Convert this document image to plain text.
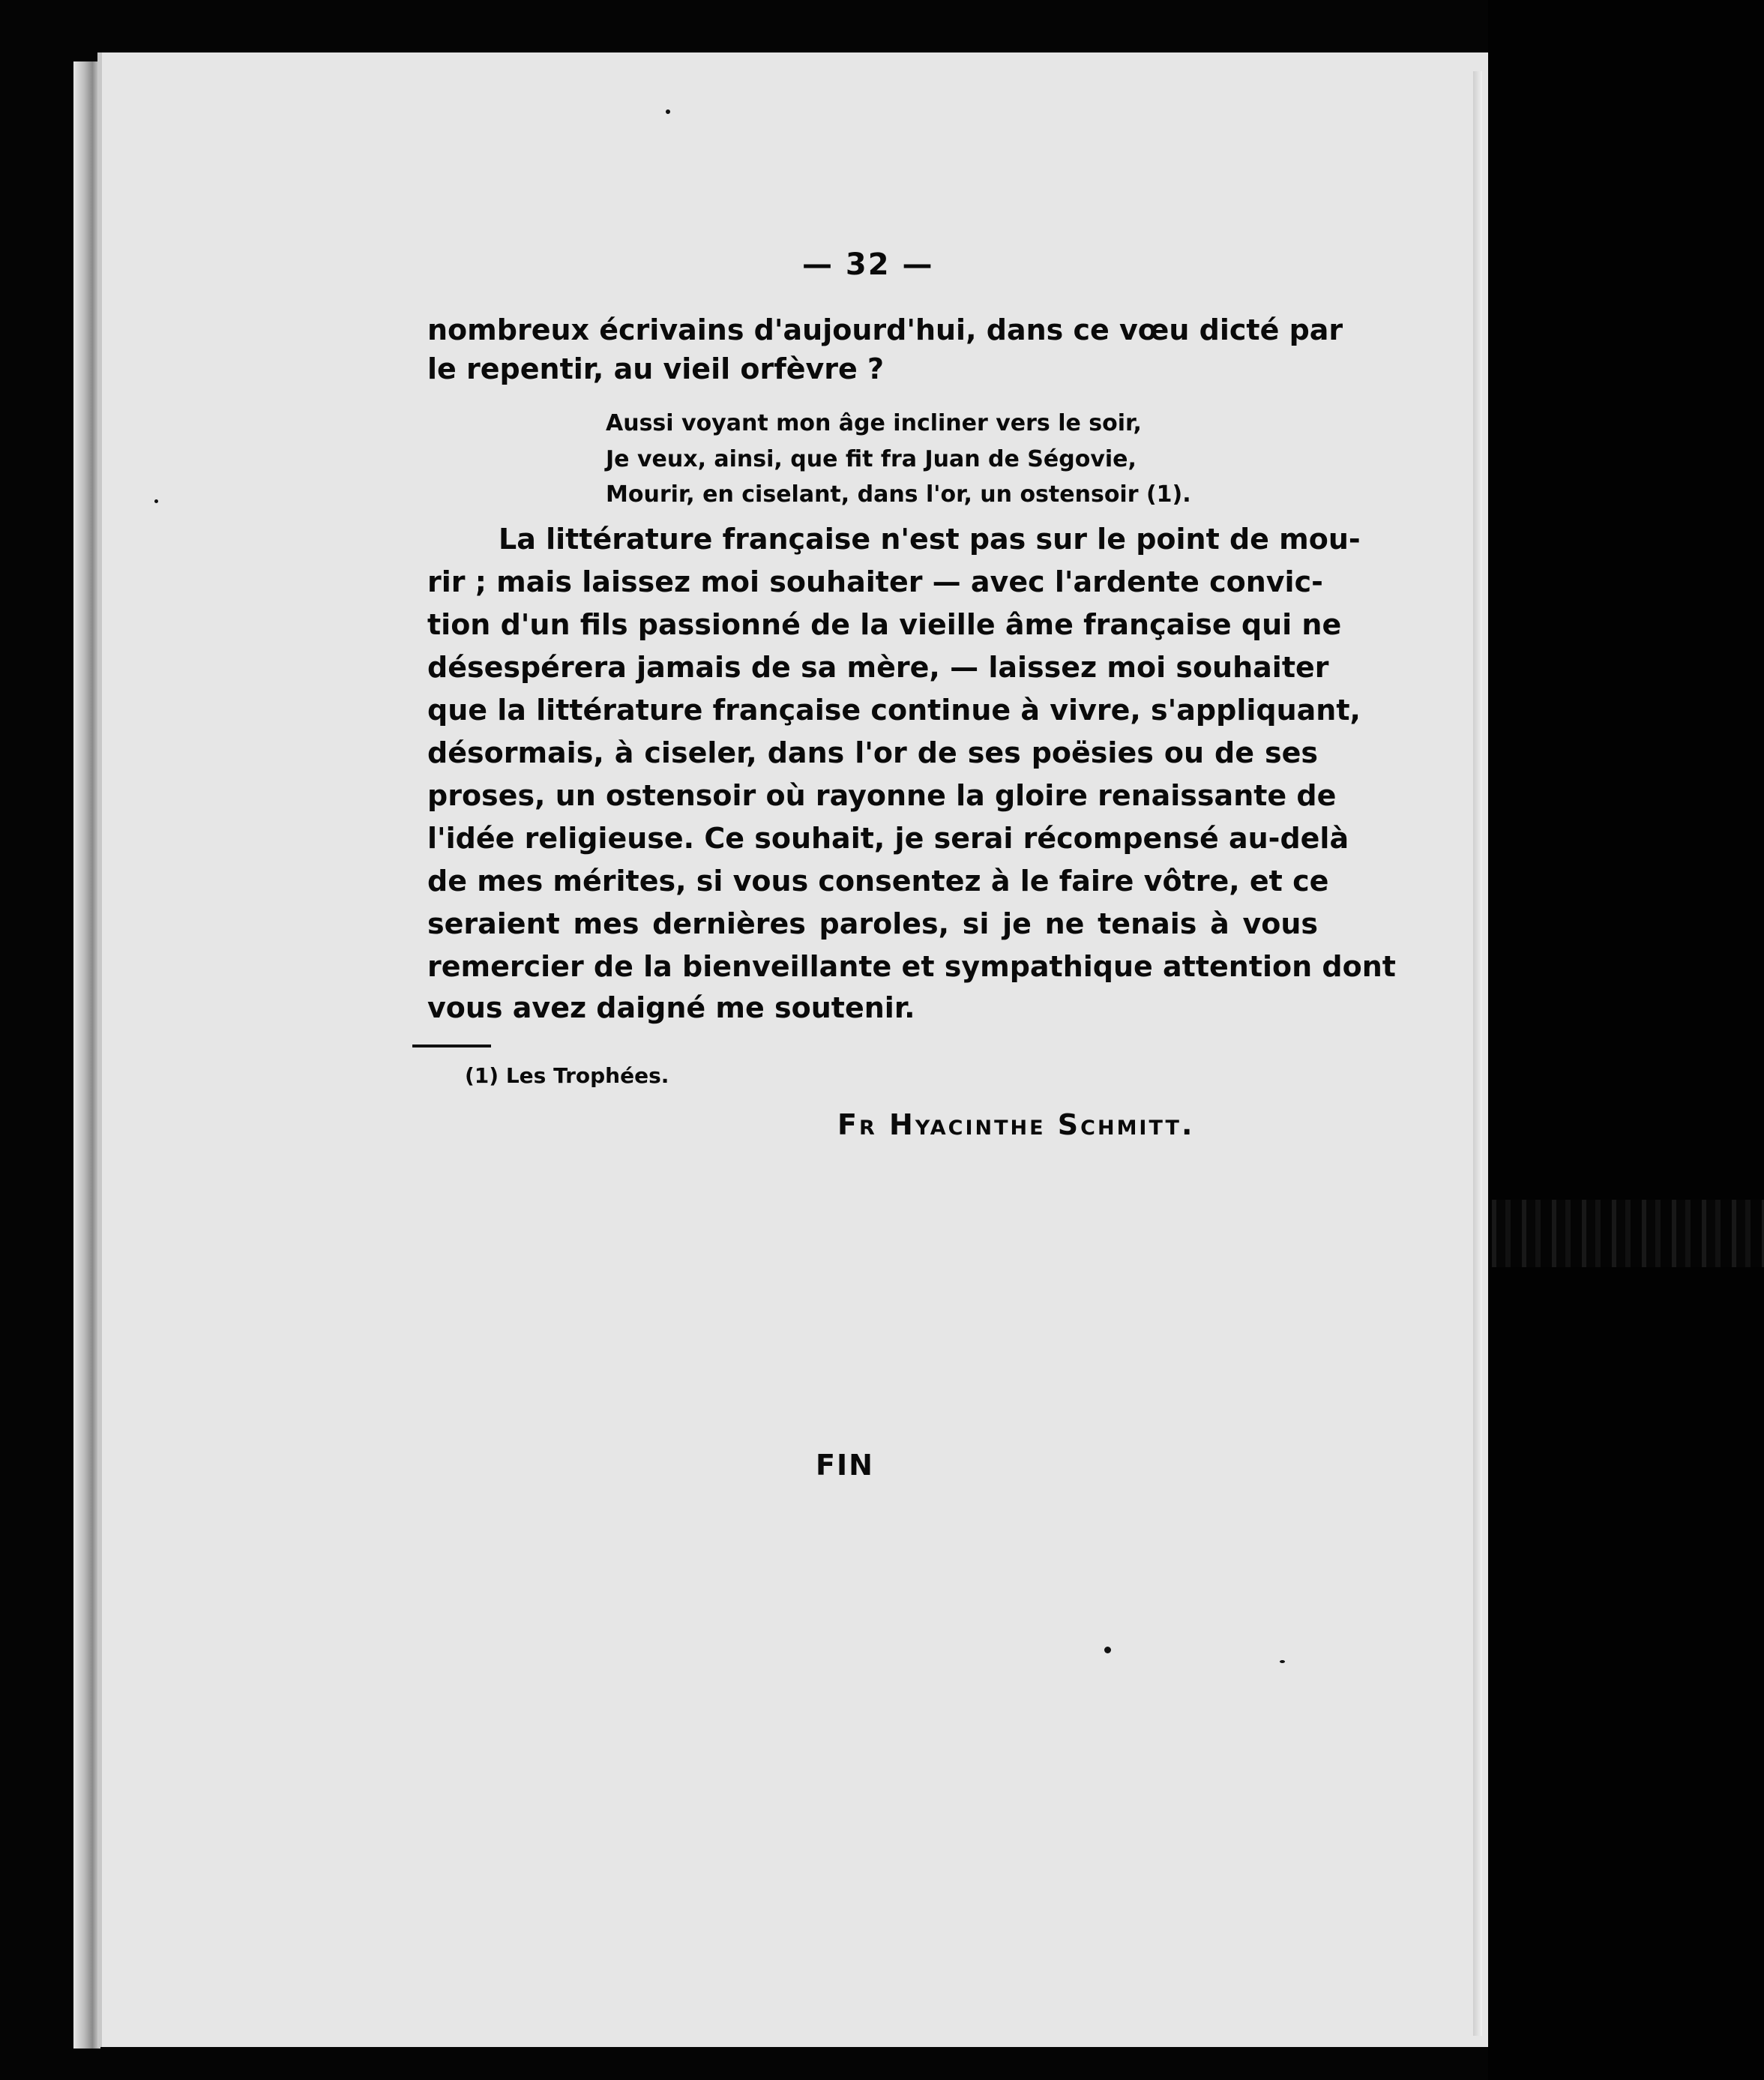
— 32 —
nombreux écrivains d'aujourd'hui, dans ce vœu dicté par
le repentir, au vieil orfèvre ?
Aussi voyant mon âge incliner vers le soir,
Je veux, ainsi, que fit fra Juan de Ségovie,
Mourir, en ciselant, dans l'or, un ostensoir (1).
La littérature française n'est pas sur le point de mou-
rir ; mais laissez moi souhaiter — avec l'ardente convic-
tion d'un fils passionné de la vieille âme française qui ne
désespérera jamais de sa mère, — laissez moi souhaiter
que la littérature française continue à vivre, s'appliquant,
désormais, à ciseler, dans l'or de ses poësies ou de ses
proses, un ostensoir où rayonne la gloire renaissante de
l'idée religieuse. Ce souhait, je serai récompensé au-delà
de mes mérites, si vous consentez à le faire vôtre, et ce
seraient mes dernières paroles, si je ne tenais à vous
remercier de la bienveillante et sympathique attention dont
vous avez daigné me soutenir.
(1) Les Trophées.
Fr Hyacinthe Schmitt.
FIN
